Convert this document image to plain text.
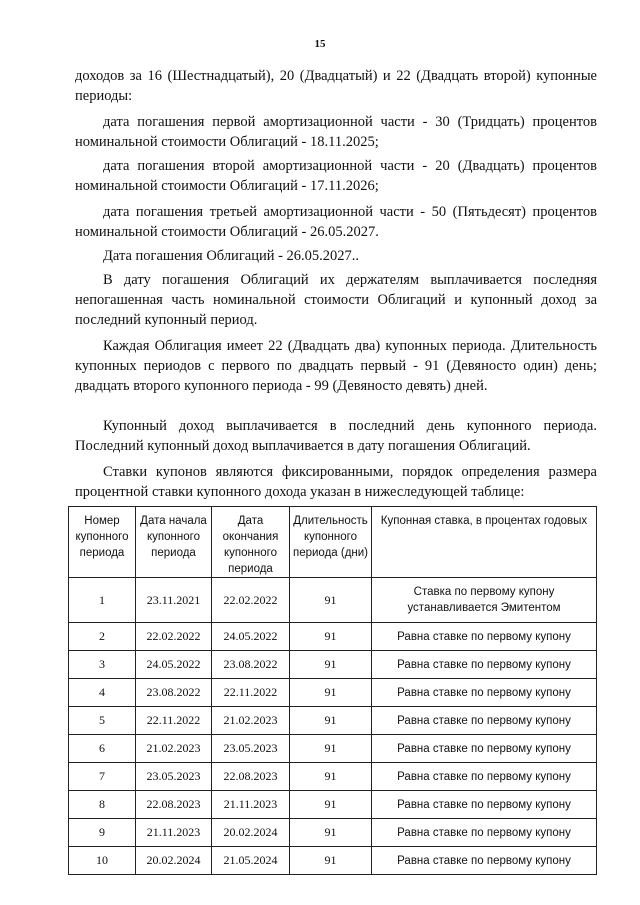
15
доходов за 16 (Шестнадцатый), 20 (Двадцатый) и 22 (Двадцать второй) купонные периоды:
дата погашения первой амортизационной части - 30 (Тридцать) процентов номинальной стоимости Облигаций - 18.11.2025;
дата погашения второй амортизационной части - 20 (Двадцать) процентов номинальной стоимости Облигаций - 17.11.2026;
дата погашения третьей амортизационной части - 50 (Пятьдесят) процентов номинальной стоимости Облигаций - 26.05.2027.
Дата погашения Облигаций - 26.05.2027..
В дату погашения Облигаций их держателям выплачивается последняя непогашенная часть номинальной стоимости Облигаций и купонный доход за последний купонный период.
Каждая Облигация имеет 22 (Двадцать два) купонных периода. Длительность купонных периодов с первого по двадцать первый - 91 (Девяносто один) день; двадцать второго купонного периода - 99 (Девяносто девять) дней.
Купонный доход выплачивается в последний день купонного периода. Последний купонный доход выплачивается в дату погашения Облигаций.
Ставки купонов являются фиксированными, порядок определения размера процентной ставки купонного дохода указан в нижеследующей таблице:
Номер купонного периода	Дата начала купонного периода	Дата окончания купонного периода	Длительность купонного периода (дни)	Купонная ставка, в процентах годовых
1	23.11.2021	22.02.2022	91	Ставка по первому купону устанавливается Эмитентом
2	22.02.2022	24.05.2022	91	Равна ставке по первому купону
3	24.05.2022	23.08.2022	91	Равна ставке по первому купону
4	23.08.2022	22.11.2022	91	Равна ставке по первому купону
5	22.11.2022	21.02.2023	91	Равна ставке по первому купону
6	21.02.2023	23.05.2023	91	Равна ставке по первому купону
7	23.05.2023	22.08.2023	91	Равна ставке по первому купону
8	22.08.2023	21.11.2023	91	Равна ставке по первому купону
9	21.11.2023	20.02.2024	91	Равна ставке по первому купону
10	20.02.2024	21.05.2024	91	Равна ставке по первому купону
